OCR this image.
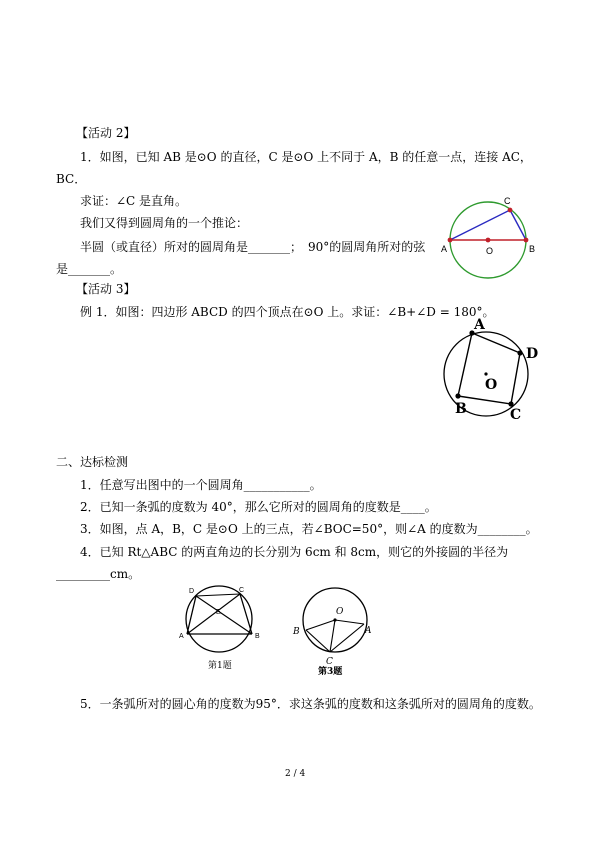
【活动 2】
1．如图，已知 AB 是⊙O 的直径，C 是⊙O 上不同于 A，B 的任意一点，连接 AC，
BC．
求证：∠C 是直角。
我们又得到圆周角的一个推论：
半圆（或直径）所对的圆周角是_______；　90°的圆周角所对的弦
是_______。
A	B
C
O
【活动 3】
例 1．如图：四边形 ABCD 的四个顶点在⊙O 上。求证：∠B+∠D = 180°。
A
D
C
B
O
二、达标检测
1．任意写出图中的一个圆周角___________。
2．已知一条弧的度数为 40°，那么它所对的圆周角的度数是____。
3．如图，点 A，B，C 是⊙O 上的三点，若∠BOC=50°，则∠A 的度数为________。
4．已知 Rt△ABC 的两直角边的长分别为 6cm 和 8cm，则它的外接圆的半径为
_________cm。
A	B
C
D
E
第1题
O
A
B
C
第3题
5．一条弧所对的圆心角的度数为95°．求这条弧的度数和这条弧所对的圆周角的度数。
2 / 4
